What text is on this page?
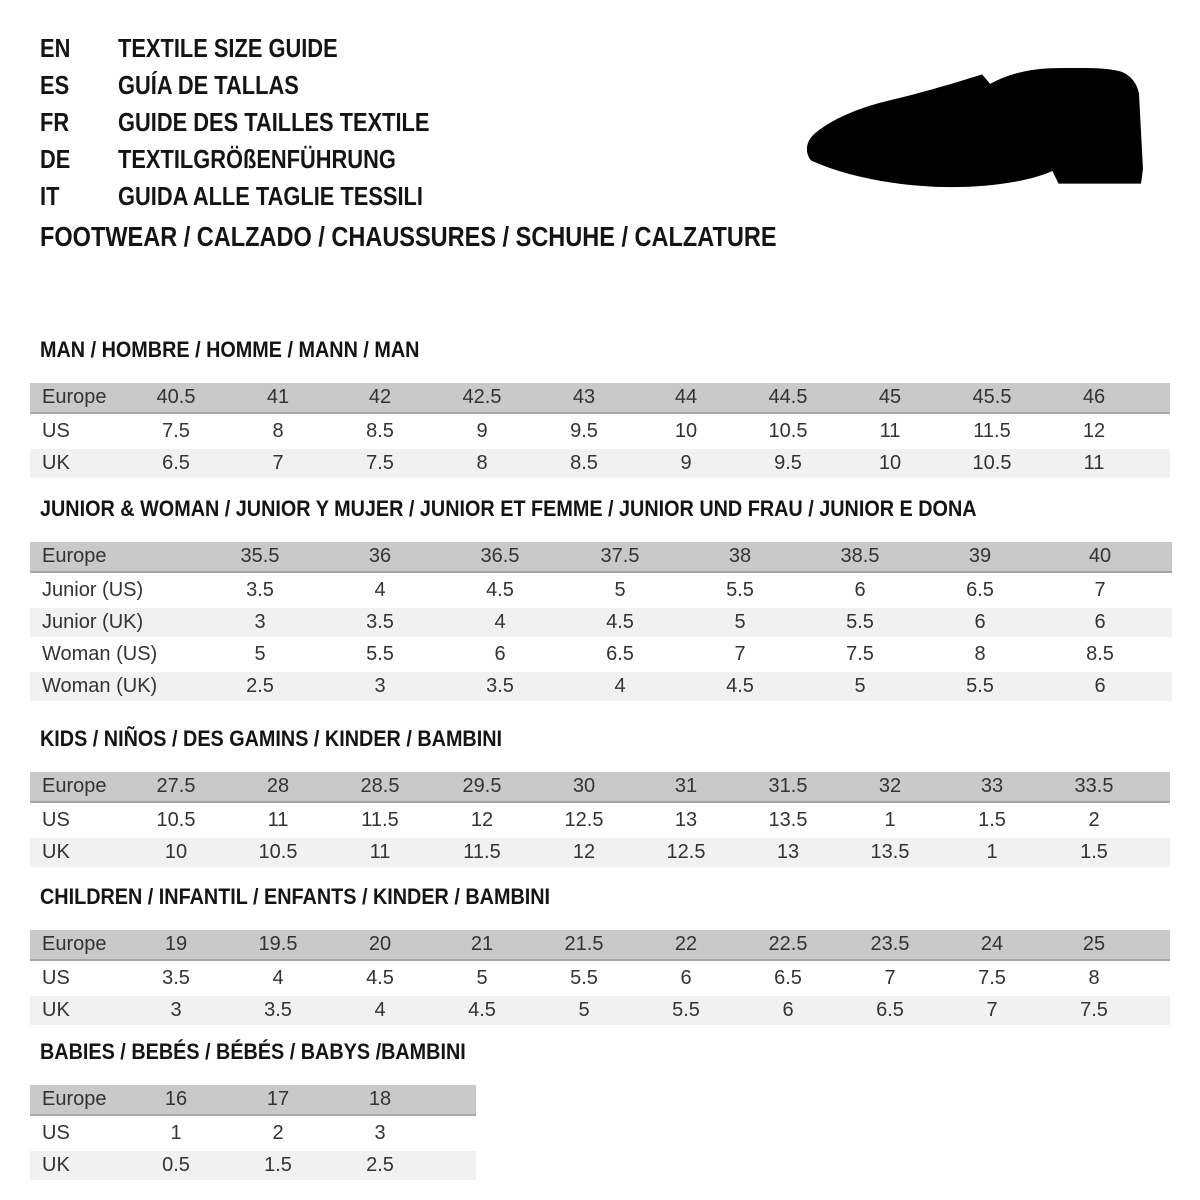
EN TEXTILE SIZE GUIDE
ES GUÍA DE TALLAS
FR GUIDE DES TAILLES TEXTILE
DE TEXTILGRÖßENFÜHRUNG
IT GUIDA ALLE TAGLIE TESSILI
FOOTWEAR / CALZADO / CHAUSSURES / SCHUHE / CALZATURE
MAN / HOMBRE / HOMME / MANN / MAN
Europe	40.5	41	42	42.5	43	44	44.5	45	45.5	46	
US	7.5	8	8.5	9	9.5	10	10.5	11	11.5	12	
UK	6.5	7	7.5	8	8.5	9	9.5	10	10.5	11	
JUNIOR & WOMAN / JUNIOR Y MUJER / JUNIOR ET FEMME / JUNIOR UND FRAU / JUNIOR E DONA
Europe	35.5	36	36.5	37.5	38	38.5	39	40	
Junior (US)	3.5	4	4.5	5	5.5	6	6.5	7	
Junior (UK)	3	3.5	4	4.5	5	5.5	6	6	
Woman (US)	5	5.5	6	6.5	7	7.5	8	8.5	
Woman (UK)	2.5	3	3.5	4	4.5	5	5.5	6	
KIDS / NIÑOS / DES GAMINS / KINDER / BAMBINI
Europe	27.5	28	28.5	29.5	30	31	31.5	32	33	33.5	
US	10.5	11	11.5	12	12.5	13	13.5	1	1.5	2	
UK	10	10.5	11	11.5	12	12.5	13	13.5	1	1.5	
CHILDREN / INFANTIL / ENFANTS / KINDER / BAMBINI
Europe	19	19.5	20	21	21.5	22	22.5	23.5	24	25	
US	3.5	4	4.5	5	5.5	6	6.5	7	7.5	8	
UK	3	3.5	4	4.5	5	5.5	6	6.5	7	7.5	
BABIES / BEBÉS / BÉBÉS / BABYS /BAMBINI
Europe	16	17	18	
US	1	2	3	
UK	0.5	1.5	2.5	
